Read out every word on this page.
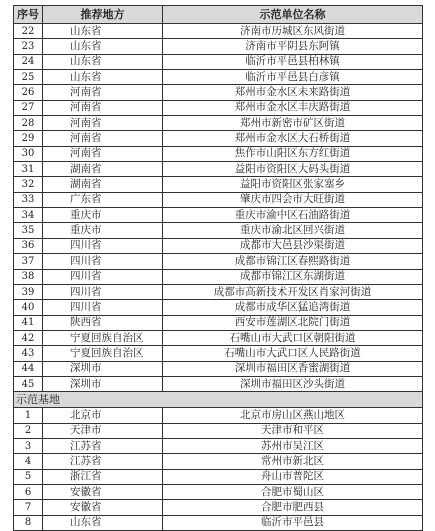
序号	推荐地方	示范单位名称
22	山东省	济南市历城区东风街道
23	山东省	济南市平阴县东阿镇
24	山东省	临沂市平邑县柏林镇
25	山东省	临沂市平邑县白彦镇
26	河南省	郑州市金水区未来路街道
27	河南省	郑州市金水区丰庆路街道
28	河南省	郑州市新密市矿区街道
29	河南省	郑州市金水区大石桥街道
30	河南省	焦作市山阳区东方红街道
31	湖南省	益阳市资阳区大码头街道
32	湖南省	益阳市资阳区张家塞乡
33	广东省	肇庆市四会市大旺街道
34	重庆市	重庆市渝中区石油路街道
35	重庆市	重庆市渝北区回兴街道
36	四川省	成都市大邑县沙渠街道
37	四川省	成都市锦江区春熙路街道
38	四川省	成都市锦江区东湖街道
39	四川省	成都市高新技术开发区肖家河街道
40	四川省	成都市成华区猛追湾街道
41	陕西省	西安市莲湖区北院门街道
42	宁夏回族自治区	石嘴山市大武口区朝阳街道
43	宁夏回族自治区	石嘴山市大武口区人民路街道
44	深圳市	深圳市福田区香蜜湖街道
45	深圳市	深圳市福田区沙头街道
示范基地		
1	北京市	北京市房山区燕山地区
2	天津市	天津市和平区
3	江苏省	苏州市吴江区
4	江苏省	常州市新北区
5	浙江省	舟山市普陀区
6	安徽省	合肥市蜀山区
7	安徽省	合肥市肥西县
8	山东省	临沂市平邑县
